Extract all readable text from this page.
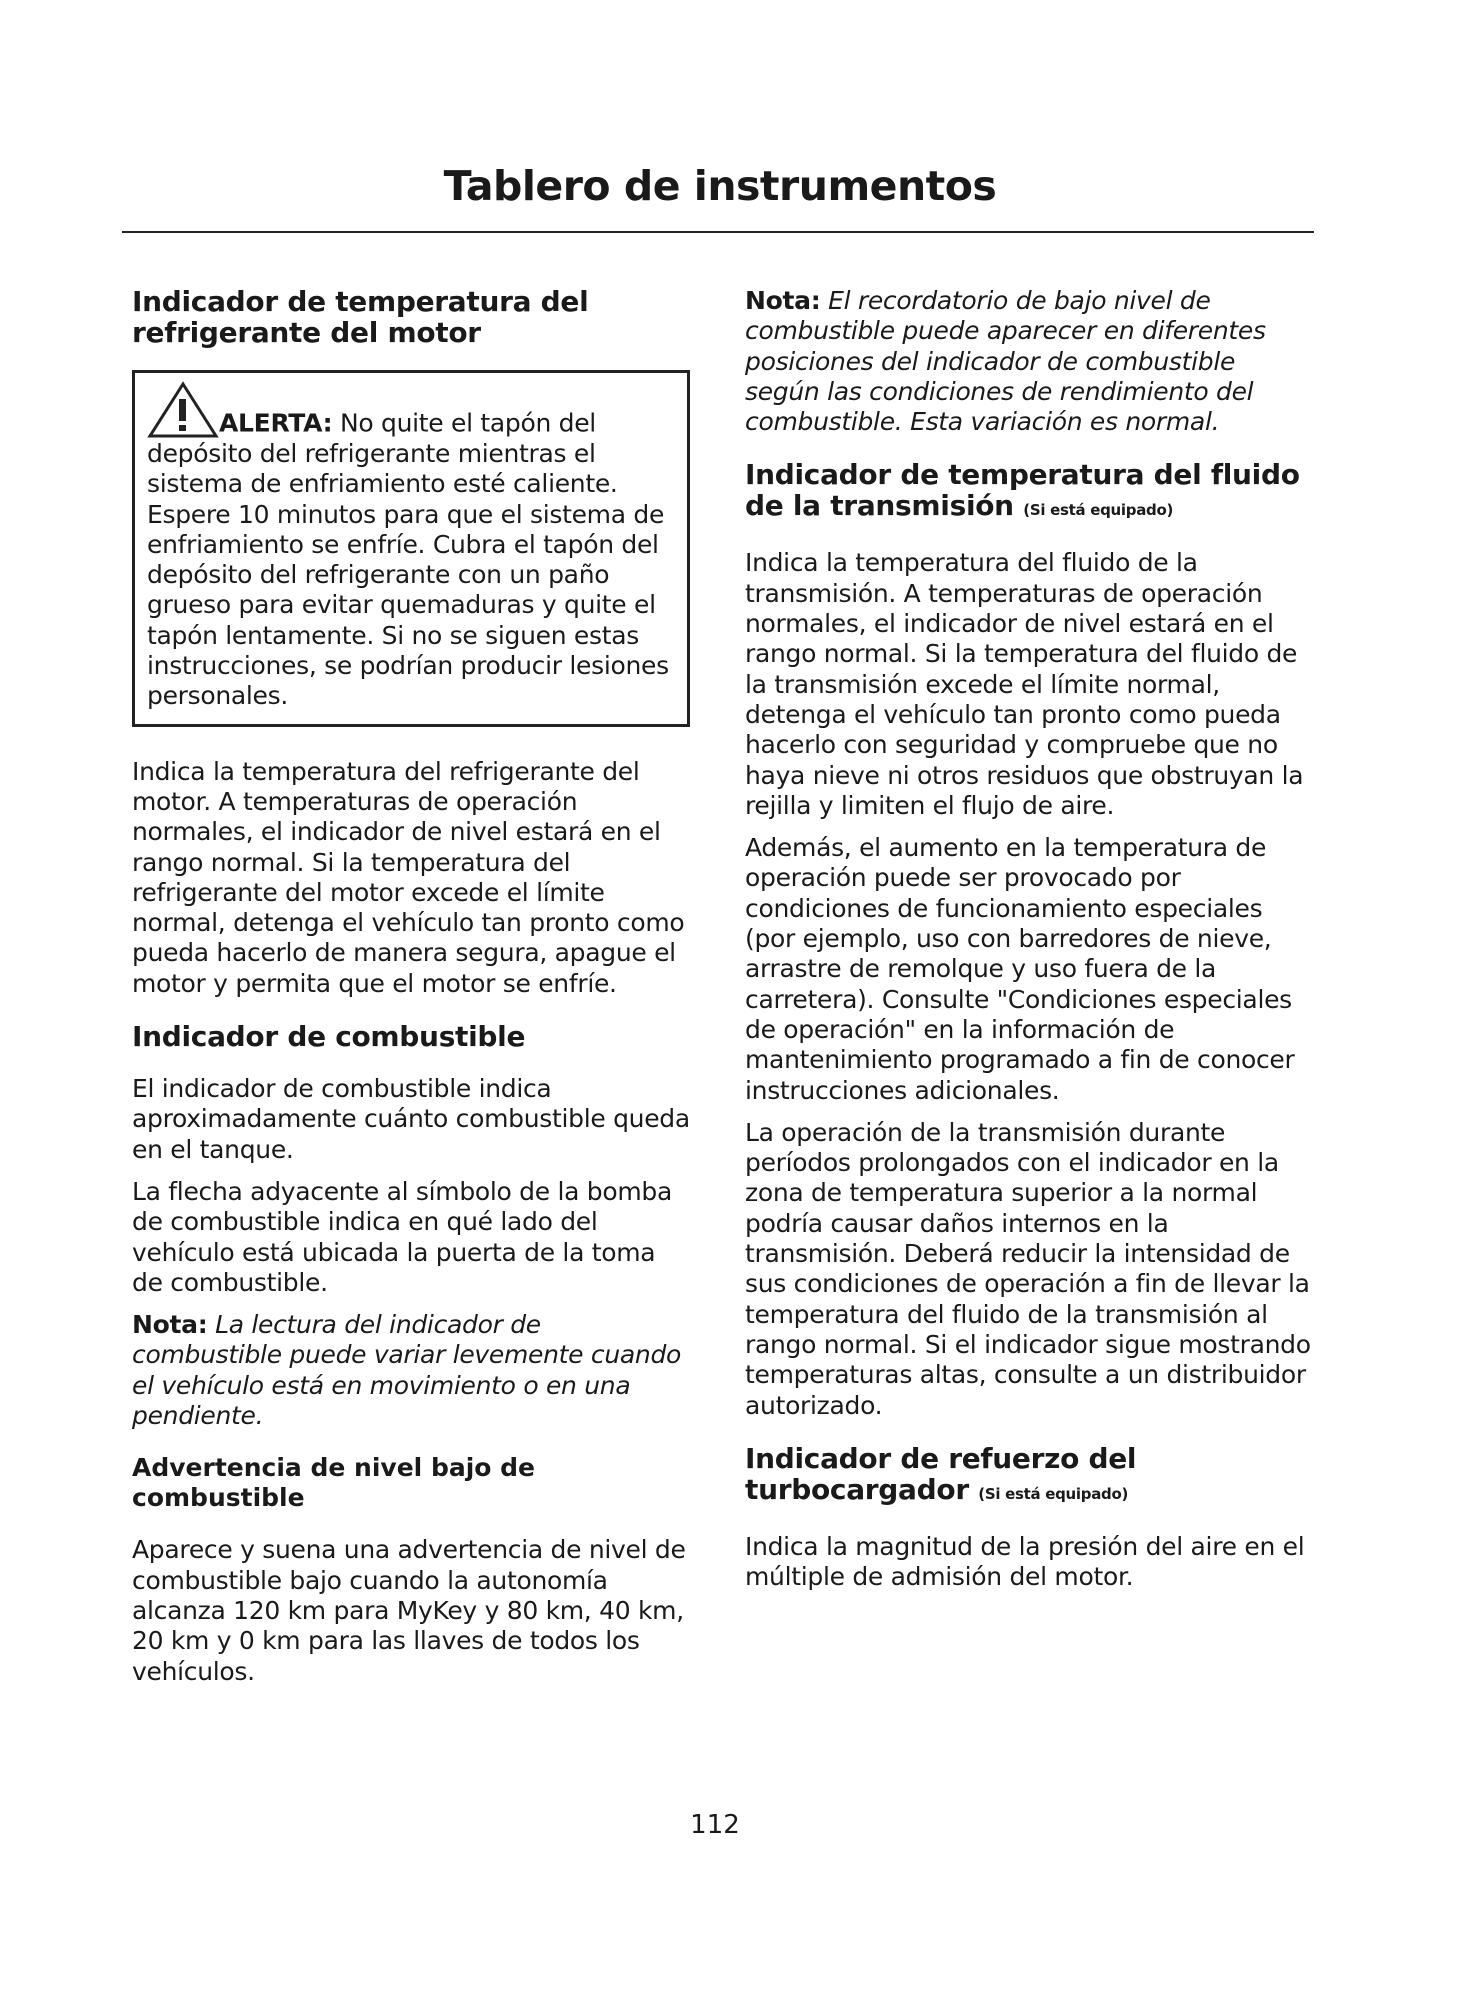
Tablero de instrumentos
Indicador de temperatura del refrigerante del motor

ALERTA: No quite el tapón del depósito del refrigerante mientras el sistema de enfriamiento esté caliente. Espere 10 minutos para que el sistema de enfriamiento se enfríe. Cubra el tapón del depósito del refrigerante con un paño grueso para evitar quemaduras y quite el tapón lentamente. Si no se siguen estas instrucciones, se podrían producir lesiones personales.

Indica la temperatura del refrigerante del motor. A temperaturas de operación normales, el indicador de nivel estará en el rango normal. Si la temperatura del refrigerante del motor excede el límite normal, detenga el vehículo tan pronto como pueda hacerlo de manera segura, apague el motor y permita que el motor se enfríe.

Indicador de combustible

El indicador de combustible indica aproximadamente cuánto combustible queda en el tanque.

La flecha adyacente al símbolo de la bomba de combustible indica en qué lado del vehículo está ubicada la puerta de la toma de combustible.

Nota: La lectura del indicador de combustible puede variar levemente cuando el vehículo está en movimiento o en una pendiente.

Advertencia de nivel bajo de combustible

Aparece y suena una advertencia de nivel de combustible bajo cuando la autonomía alcanza 120 km para MyKey y 80 km, 40 km, 20 km y 0 km para las llaves de todos los vehículos.

Nota: El recordatorio de bajo nivel de combustible puede aparecer en diferentes posiciones del indicador de combustible según las condiciones de rendimiento del combustible. Esta variación es normal.

Indicador de temperatura del fluido de la transmisión (Si está equipado)

Indica la temperatura del fluido de la transmisión. A temperaturas de operación normales, el indicador de nivel estará en el rango normal. Si la temperatura del fluido de la transmisión excede el límite normal, detenga el vehículo tan pronto como pueda hacerlo con seguridad y compruebe que no haya nieve ni otros residuos que obstruyan la rejilla y limiten el flujo de aire.

Además, el aumento en la temperatura de operación puede ser provocado por condiciones de funcionamiento especiales (por ejemplo, uso con barredores de nieve, arrastre de remolque y uso fuera de la carretera). Consulte "Condiciones especiales de operación" en la información de mantenimiento programado a fin de conocer instrucciones adicionales.

La operación de la transmisión durante períodos prolongados con el indicador en la zona de temperatura superior a la normal podría causar daños internos en la transmisión. Deberá reducir la intensidad de sus condiciones de operación a fin de llevar la temperatura del fluido de la transmisión al rango normal. Si el indicador sigue mostrando temperaturas altas, consulte a un distribuidor autorizado.

Indicador de refuerzo del turbocargador (Si está equipado)

Indica la magnitud de la presión del aire en el múltiple de admisión del motor.

112
